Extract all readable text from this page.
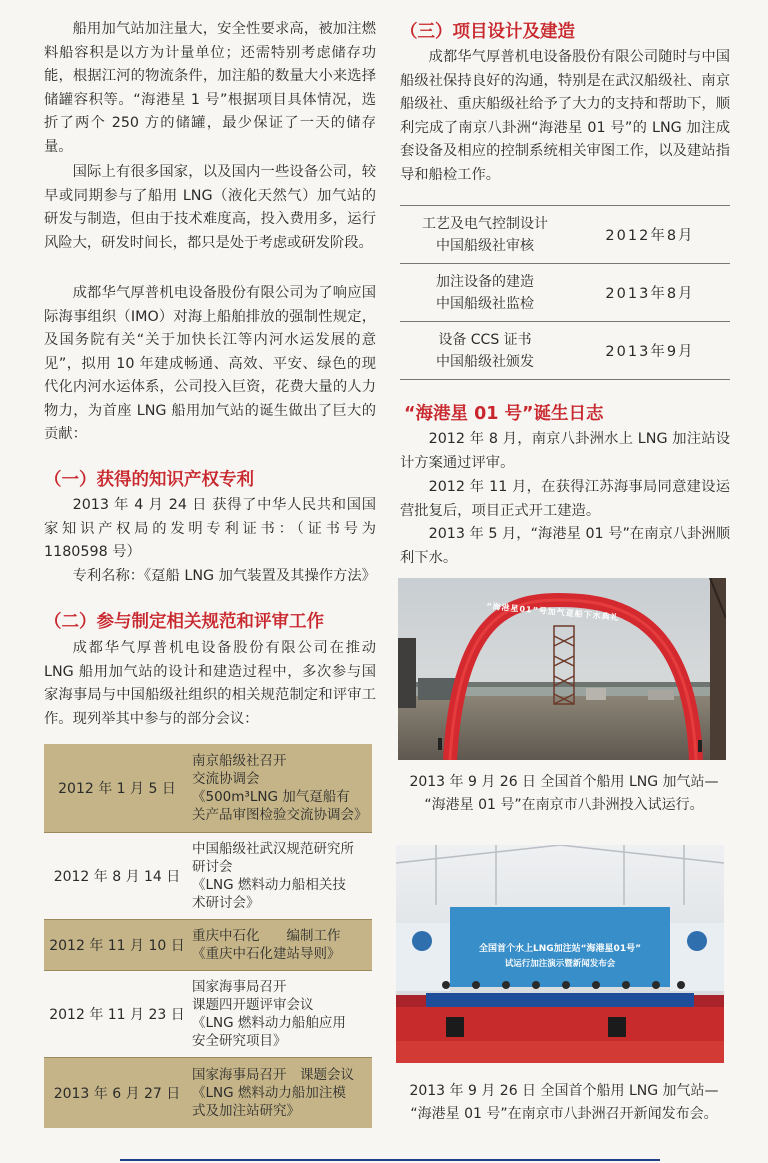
船用加气站加注量大，安全性要求高，被加注燃料船容积是以方为计量单位；还需特别考虑储存功能，根据江河的物流条件，加注船的数量大小来选择储罐容积等。“海港星 1 号”根据项目具体情况，选折了两个 250 方的储罐，最少保证了一天的储存量。

国际上有很多国家，以及国内一些设备公司，较早或同期参与了船用 LNG（液化天然气）加气站的研发与制造，但由于技术难度高，投入费用多，运行风险大，研发时间长，都只是处于考虑或研发阶段。

成都华气厚普机电设备股份有限公司为了响应国际海事组织（IMO）对海上船舶排放的强制性规定，及国务院有关“关于加快长江等内河水运发展的意见”，拟用 10 年建成畅通、高效、平安、绿色的现代化内河水运体系，公司投入巨资，花费大量的人力物力，为首座 LNG 船用加气站的诞生做出了巨大的贡献：

（一）获得的知识产权专利

2013 年 4 月 24 日 获得了中华人民共和国国家知识产权局的发明专利证书：（证书号为 1180598 号）

专利名称：《趸船 LNG 加气装置及其操作方法》

（二）参与制定相关规范和评审工作

成都华气厚普机电设备股份有限公司在推动 LNG 船用加气站的设计和建造过程中，多次参与国家海事局与中国船级社组织的相关规范制定和评审工作。现列举其中参与的部分会议：

2012 年 1 月 5 日
南京船级社召开
交流协调会
《500m³LNG 加气趸船有
关产品审图检验交流协调会》
2012 年 8 月 14 日
中国船级社武汉规范研究所
研讨会
《LNG 燃料动力船相关技
术研讨会》
2012 年 11 月 10 日
重庆中石化　　编制工作
《重庆中石化建站导则》
2012 年 11 月 23 日
国家海事局召开
课题四开题评审会议
《LNG 燃料动力船舶应用
安全研究项目》
2013 年 6 月 27 日
国家海事局召开　课题会议
《LNG 燃料动力船加注模
式及加注站研究》
（三）项目设计及建造

成都华气厚普机电设备股份有限公司随时与中国船级社保持良好的沟通，特别是在武汉船级社、南京船级社、重庆船级社给予了大力的支持和帮助下，顺利完成了南京八卦洲“海港星 01 号”的 LNG 加注成套设备及相应的控制系统相关审图工作，以及建站指导和船检工作。

工艺及电气控制设计
中国船级社审核
2012年8月
加注设备的建造
中国船级社监检
2013年8月
设备 CCS 证书
中国船级社颁发
2013年9月
“海港星 01 号”诞生日志

2012 年 8 月，南京八卦洲水上 LNG 加注站设计方案通过评审。

2012 年 11 月，在获得江苏海事局同意建设运营批复后，项目正式开工建造。

2013 年 5 月，“海港星 01 号”在南京八卦洲顺利下水。

“海港星01”号加气趸船下水典礼
2013 年 9 月 26 日 全国首个船用 LNG 加气站—
“海港星 01 号”在南京市八卦洲投入试运行。
全国首个水上LNG加注站“海港星01号”
试运行加注演示暨新闻发布会
2013 年 9 月 26 日 全国首个船用 LNG 加气站—
“海港星 01 号”在南京市八卦洲召开新闻发布会。
